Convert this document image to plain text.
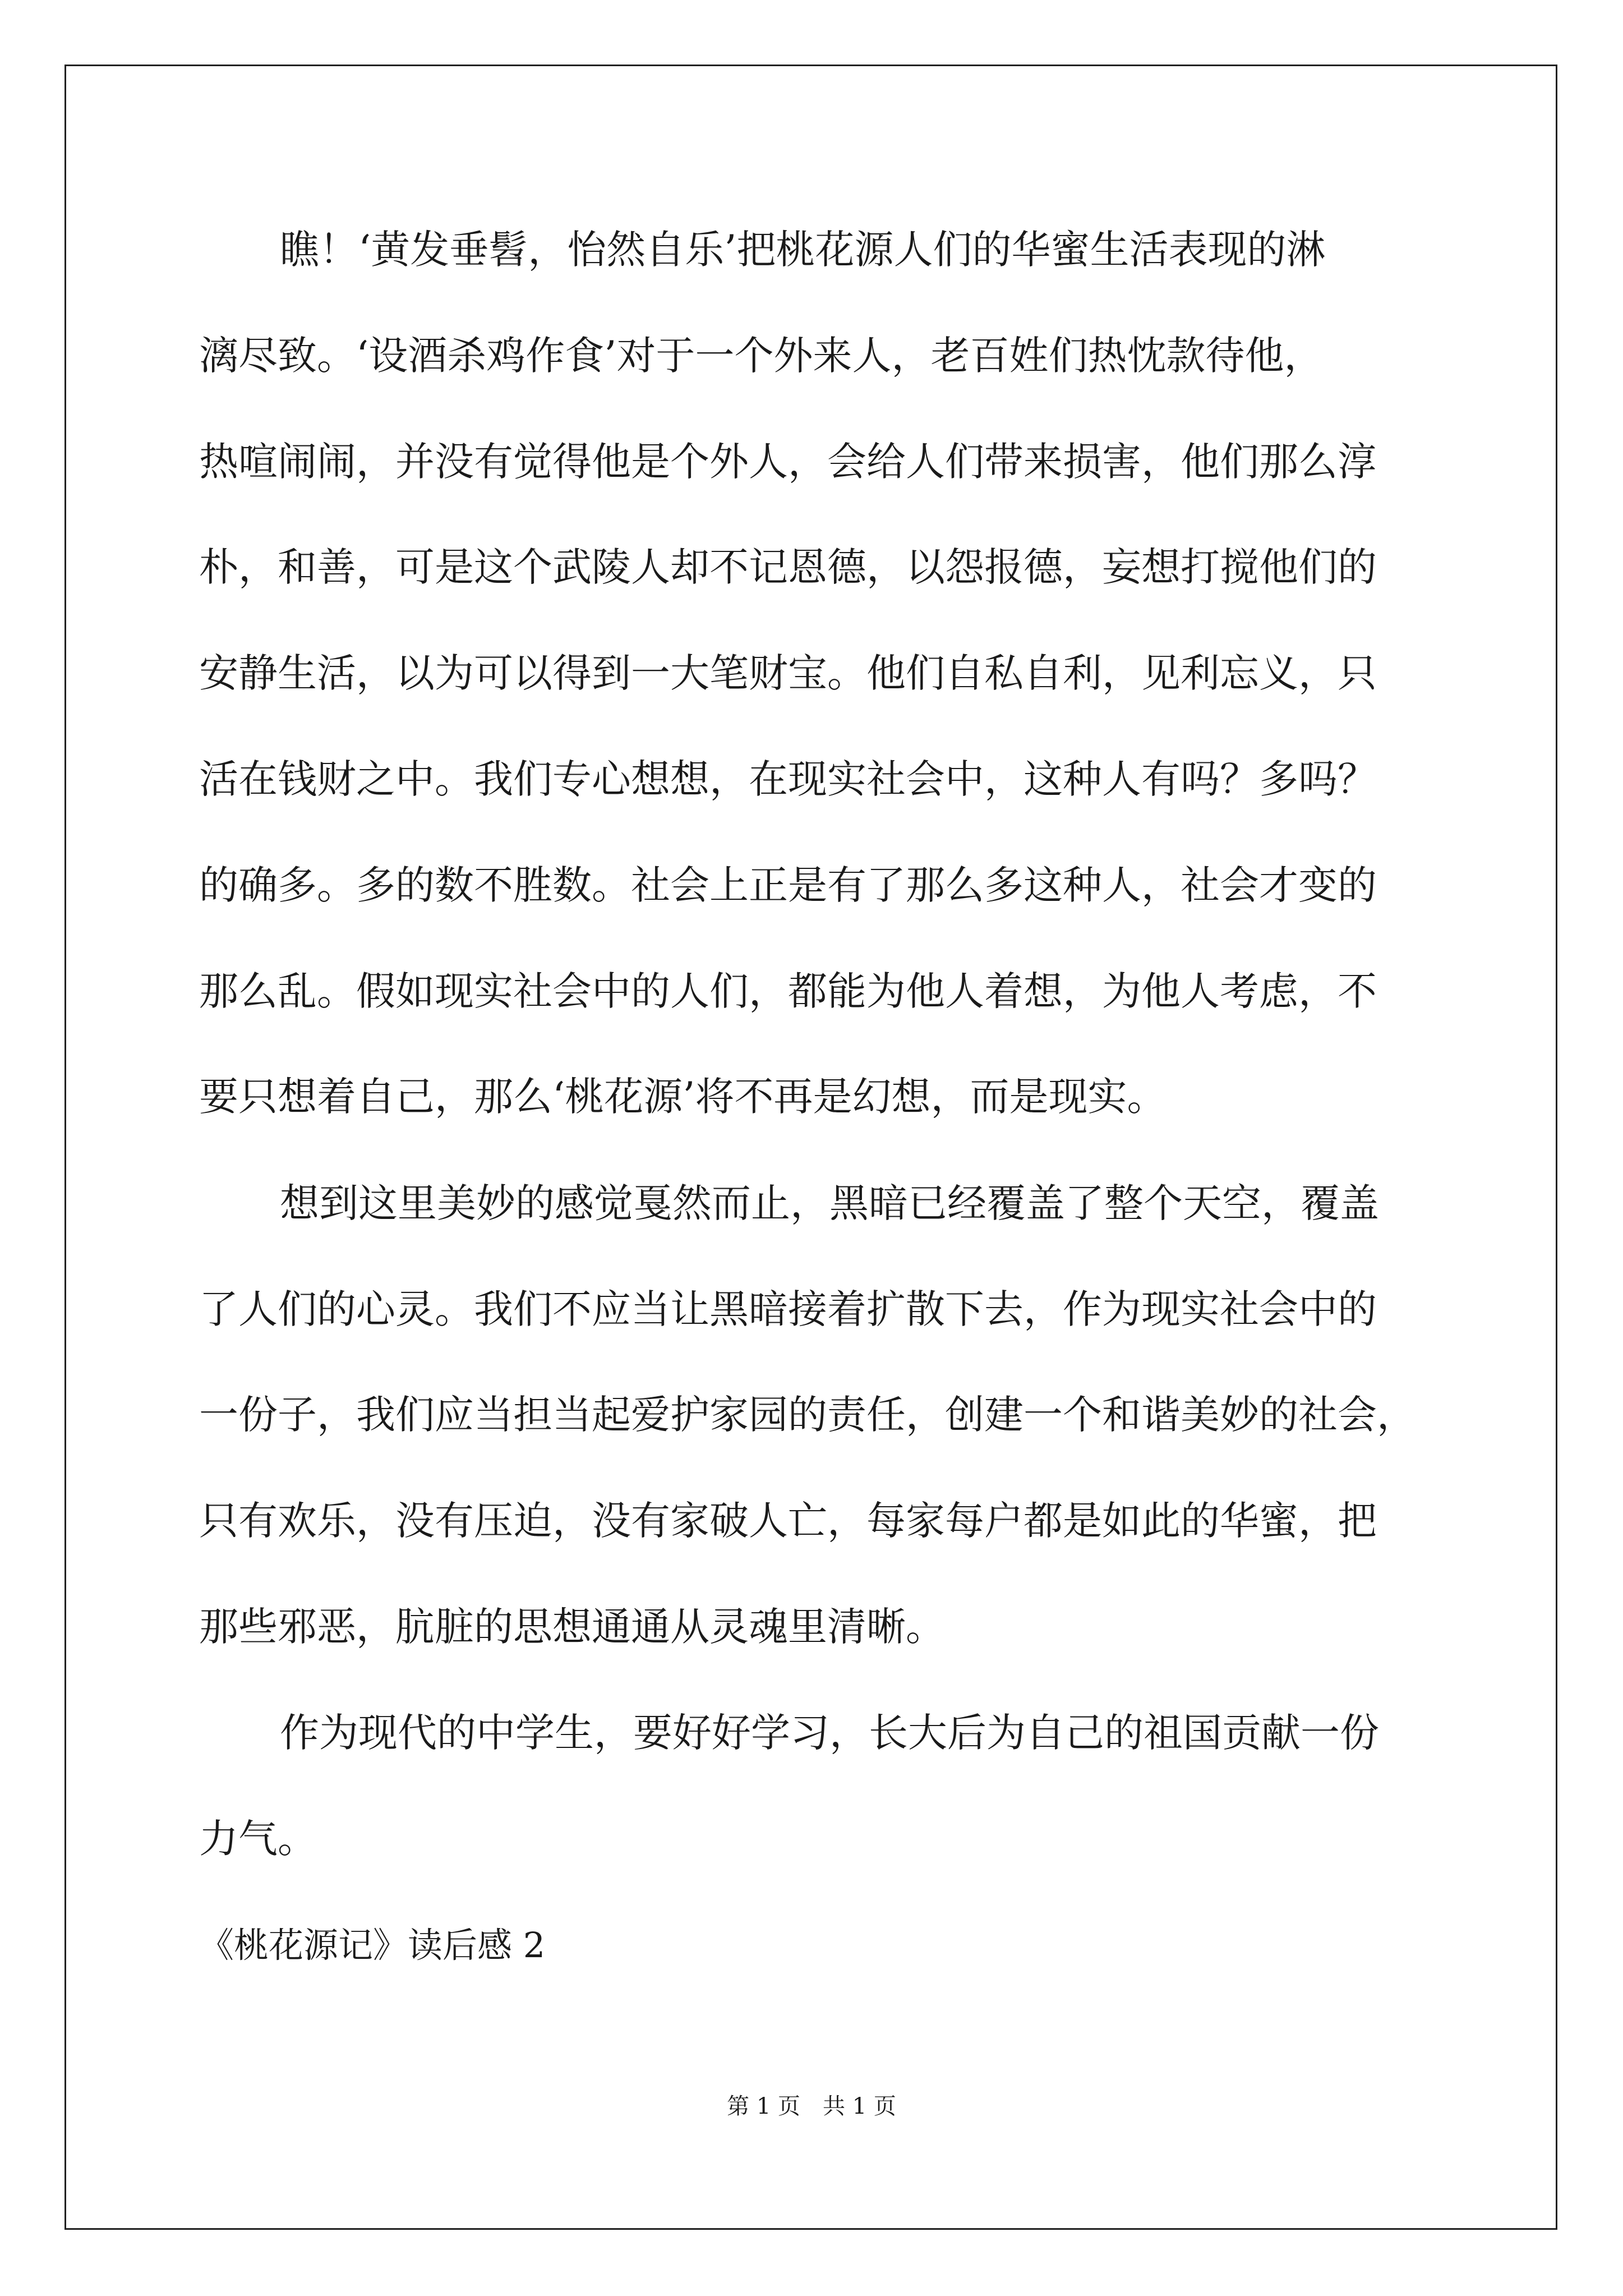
瞧！‘黄发垂髫，怡然自乐’把桃花源人们的华蜜生活表现的淋
漓尽致。‘设酒杀鸡作食’对于一个外来人，老百姓们热忱款待他，
热喧闹闹，并没有觉得他是个外人，会给人们带来损害，他们那么淳
朴，和善，可是这个武陵人却不记恩德，以怨报德，妄想打搅他们的
安静生活，以为可以得到一大笔财宝。他们自私自利，见利忘义，只
活在钱财之中。我们专心想想，在现实社会中，这种人有吗？多吗？
的确多。多的数不胜数。社会上正是有了那么多这种人，社会才变的
那么乱。假如现实社会中的人们，都能为他人着想，为他人考虑，不
要只想着自己，那么‘桃花源’将不再是幻想，而是现实。
想到这里美妙的感觉戛然而止，黑暗已经覆盖了整个天空，覆盖
了人们的心灵。我们不应当让黑暗接着扩散下去，作为现实社会中的
一份子，我们应当担当起爱护家园的责任，创建一个和谐美妙的社会，
只有欢乐，没有压迫，没有家破人亡，每家每户都是如此的华蜜，把
那些邪恶，肮脏的思想通通从灵魂里清晰。
作为现代的中学生，要好好学习，长大后为自己的祖国贡献一份
力气。
《桃花源记》读后感 2
第 1 页 共 1 页
